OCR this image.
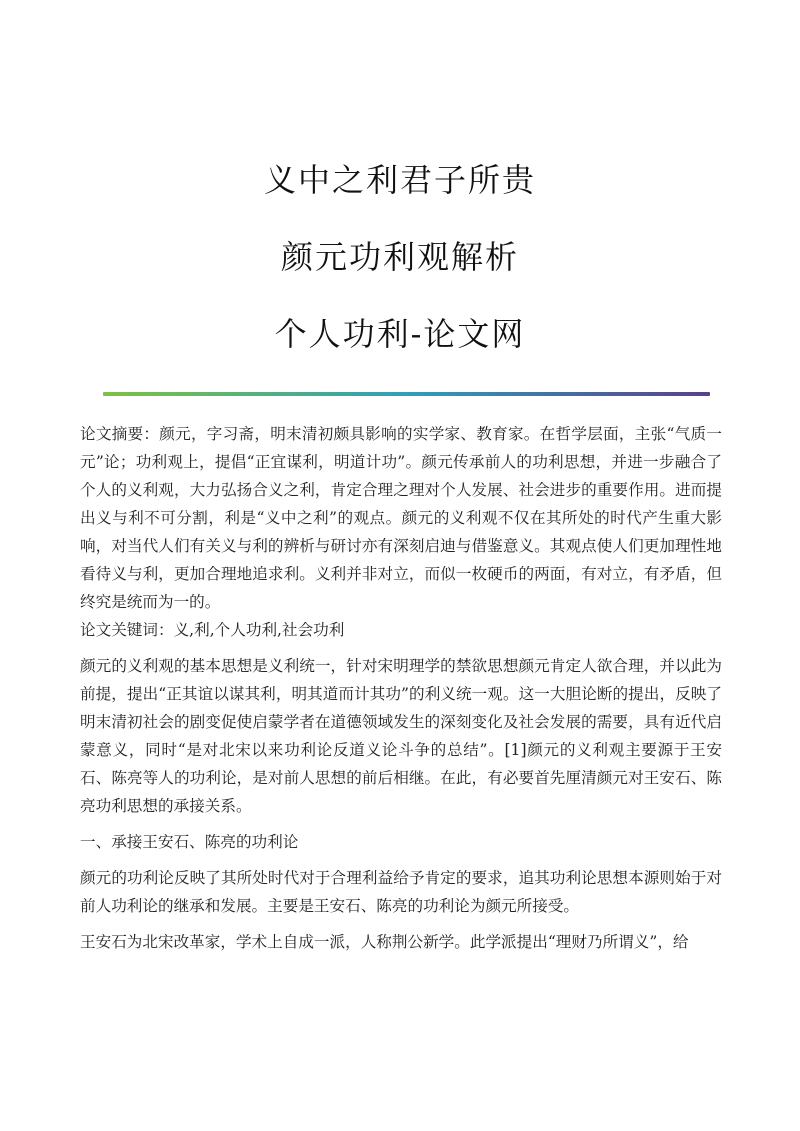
义中之利君子所贵
颜元功利观解析
个人功利-论文网

论文摘要：颜元，字习斋，明末清初颇具影响的实学家、教育家。在哲学层面，主张“气质一元”论；功利观上，提倡“正宜谋利，明道计功”。颜元传承前人的功利思想，并进一步融合了个人的义利观，大力弘扬合义之利，肯定合理之理对个人发展、社会进步的重要作用。进而提出义与利不可分割，利是“义中之利”的观点。颜元的义利观不仅在其所处的时代产生重大影响，对当代人们有关义与利的辨析与研讨亦有深刻启迪与借鉴意义。其观点使人们更加理性地看待义与利，更加合理地追求利。义利并非对立，而似一枚硬币的两面，有对立，有矛盾，但终究是统而为一的。

论文关键词：义,利,个人功利,社会功利

颜元的义利观的基本思想是义利统一，针对宋明理学的禁欲思想颜元肯定人欲合理，并以此为前提，提出“正其谊以谋其利，明其道而计其功”的利义统一观。这一大胆论断的提出，反映了明末清初社会的剧变促使启蒙学者在道德领域发生的深刻变化及社会发展的需要，具有近代启蒙意义，同时“是对北宋以来功利论反道义论斗争的总结”。[1]颜元的义利观主要源于王安石、陈亮等人的功利论，是对前人思想的前后相继。在此，有必要首先厘清颜元对王安石、陈亮功利思想的承接关系。

一、承接王安石、陈亮的功利论

颜元的功利论反映了其所处时代对于合理利益给予肯定的要求，追其功利论思想本源则始于对前人功利论的继承和发展。主要是王安石、陈亮的功利论为颜元所接受。

王安石为北宋改革家，学术上自成一派，人称荆公新学。此学派提出“理财乃所谓义”，给
